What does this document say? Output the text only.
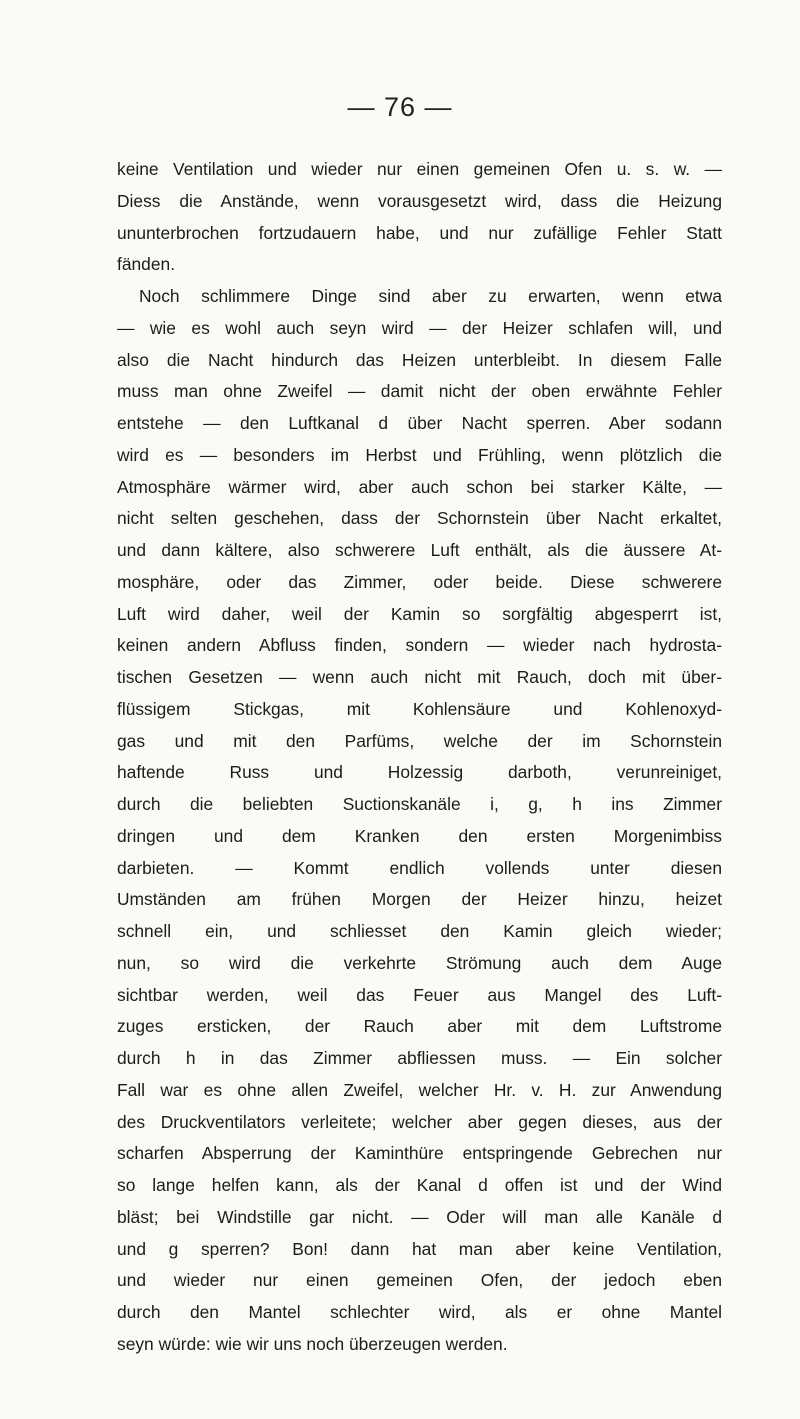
— 76 —
keine Ventilation und wieder nur einen gemeinen Ofen u. s. w. —
Diess die Anstände, wenn vorausgesetzt wird, dass die Heizung
ununterbrochen fortzudauern habe, und nur zufällige Fehler Statt
fänden.
Noch schlimmere Dinge sind aber zu erwarten, wenn etwa
— wie es wohl auch seyn wird — der Heizer schlafen will, und
also die Nacht hindurch das Heizen unterbleibt. In diesem Falle
muss man ohne Zweifel — damit nicht der oben erwähnte Fehler
entstehe — den Luftkanal d über Nacht sperren. Aber sodann
wird es — besonders im Herbst und Frühling, wenn plötzlich die
Atmosphäre wärmer wird, aber auch schon bei starker Kälte, —
nicht selten geschehen, dass der Schornstein über Nacht erkaltet,
und dann kältere, also schwerere Luft enthält, als die äussere At-
mosphäre, oder das Zimmer, oder beide. Diese schwerere
Luft wird daher, weil der Kamin so sorgfältig abgesperrt ist,
keinen andern Abfluss finden, sondern — wieder nach hydrosta-
tischen Gesetzen — wenn auch nicht mit Rauch, doch mit über-
flüssigem Stickgas, mit Kohlensäure und Kohlenoxyd-
gas und mit den Parfüms, welche der im Schornstein
haftende Russ und Holzessig darboth, verunreiniget,
durch die beliebten Suctionskanäle i, g, h ins Zimmer
dringen und dem Kranken den ersten Morgenimbiss
darbieten. — Kommt endlich vollends unter diesen
Umständen am frühen Morgen der Heizer hinzu, heizet
schnell ein, und schliesset den Kamin gleich wieder;
nun, so wird die verkehrte Strömung auch dem Auge
sichtbar werden, weil das Feuer aus Mangel des Luft-
zuges ersticken, der Rauch aber mit dem Luftstrome
durch h in das Zimmer abfliessen muss. — Ein solcher
Fall war es ohne allen Zweifel, welcher Hr. v. H. zur Anwendung
des Druckventilators verleitete; welcher aber gegen dieses, aus der
scharfen Absperrung der Kaminthüre entspringende Gebrechen nur
so lange helfen kann, als der Kanal d offen ist und der Wind
bläst; bei Windstille gar nicht. — Oder will man alle Kanäle d
und g sperren? Bon! dann hat man aber keine Ventilation,
und wieder nur einen gemeinen Ofen, der jedoch eben
durch den Mantel schlechter wird, als er ohne Mantel
seyn würde: wie wir uns noch überzeugen werden.
